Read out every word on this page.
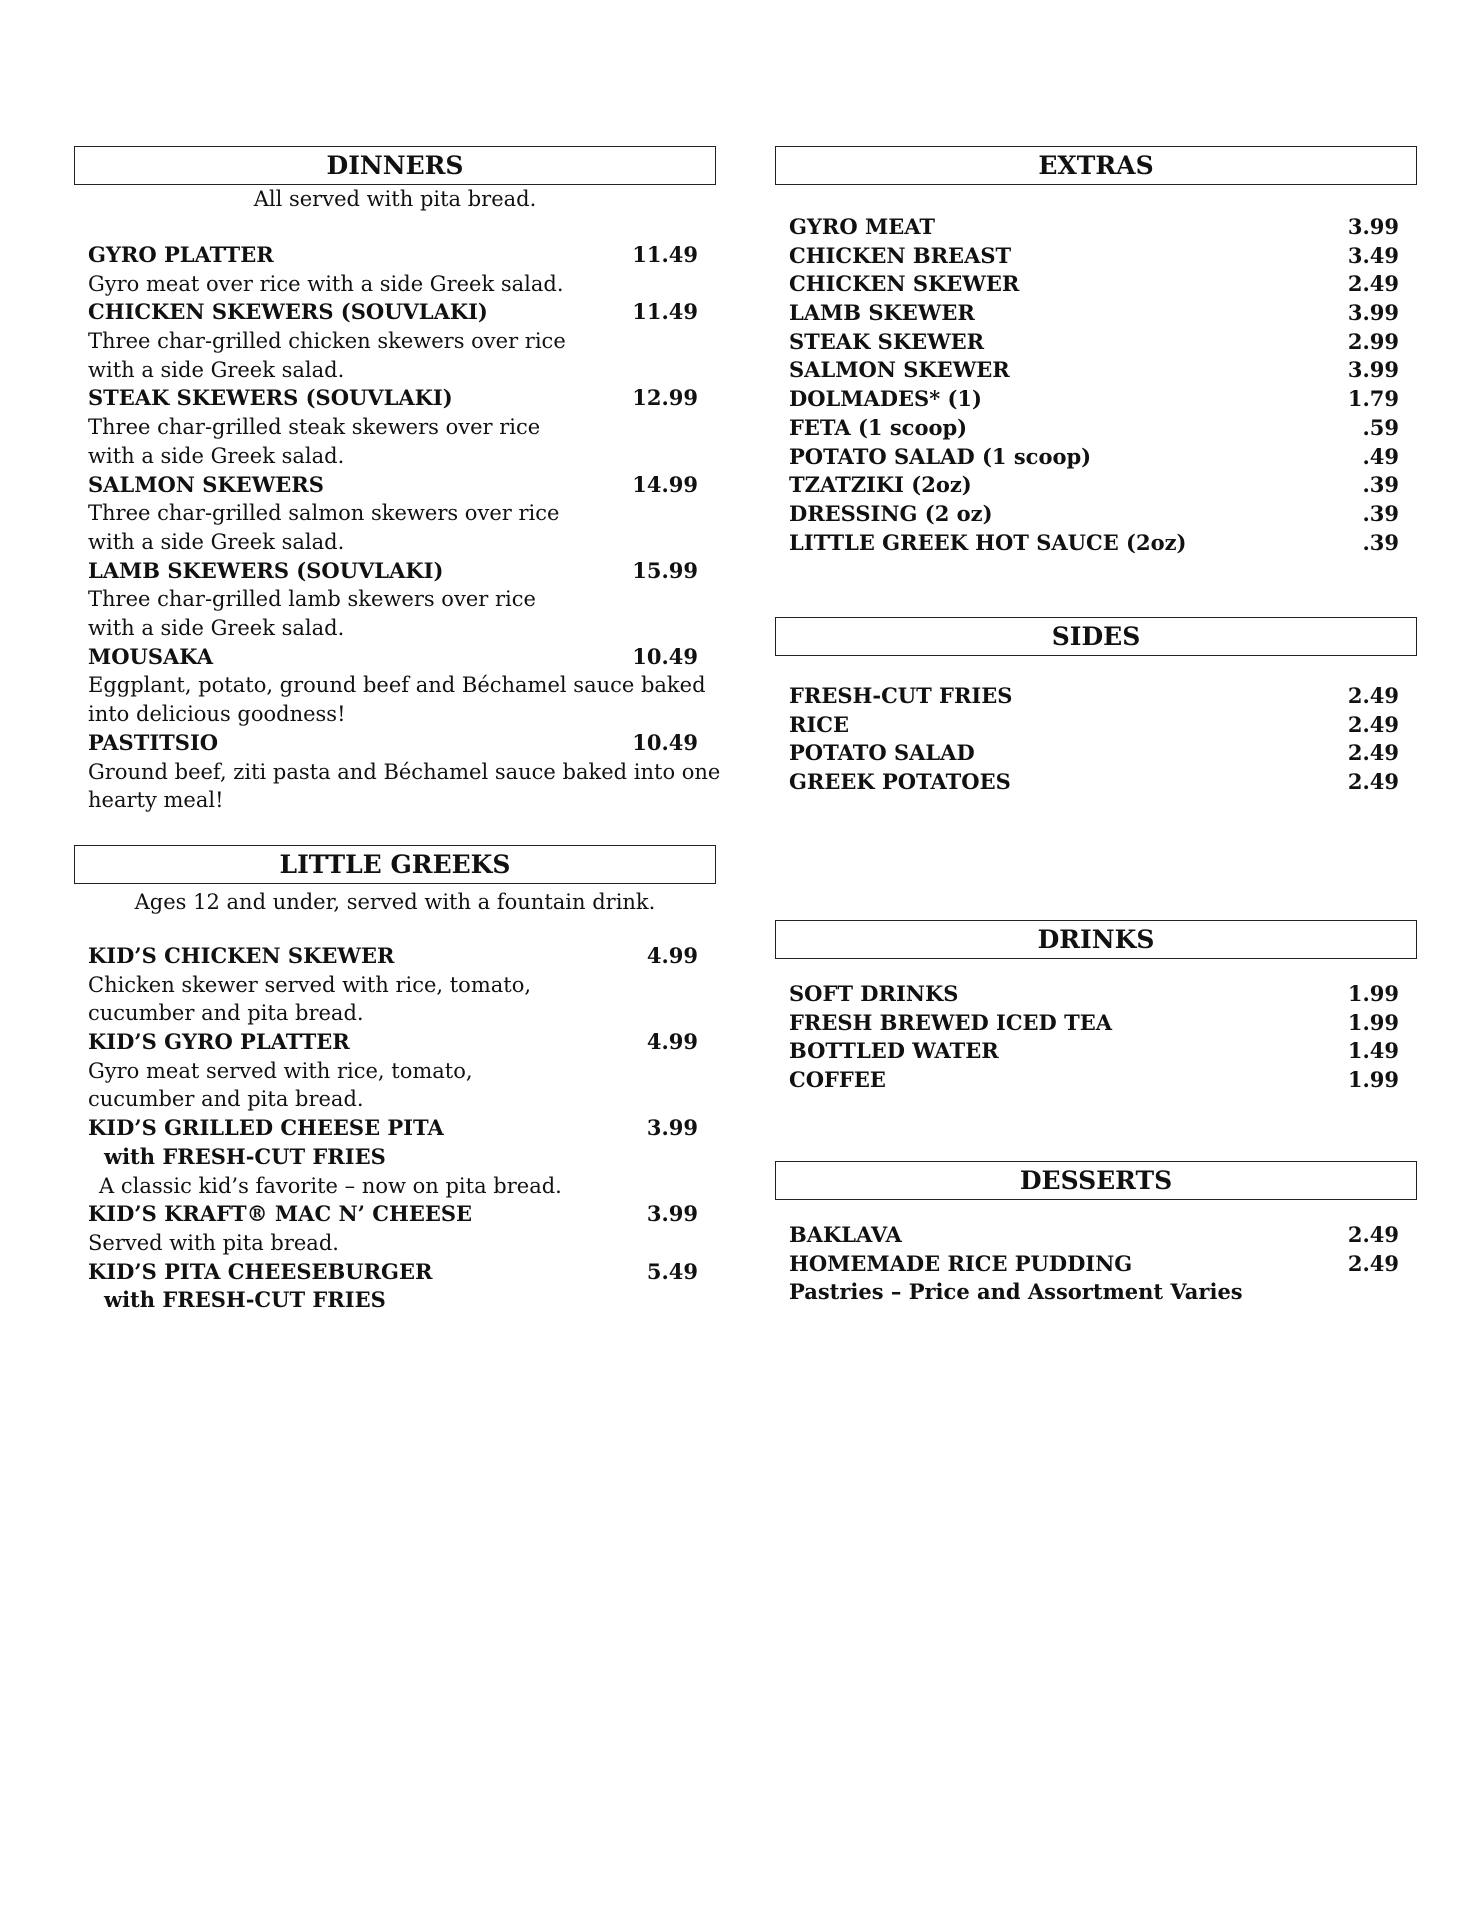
DINNERS
All served with pita bread.
GYRO PLATTER	11.49
Gyro meat over rice with a side Greek salad.
CHICKEN SKEWERS (SOUVLAKI)	11.49
Three char-grilled chicken skewers over rice
with a side Greek salad.
STEAK SKEWERS (SOUVLAKI)	12.99
Three char-grilled steak skewers over rice
with a side Greek salad.
SALMON SKEWERS	14.99
Three char-grilled salmon skewers over rice
with a side Greek salad.
LAMB SKEWERS (SOUVLAKI)	15.99
Three char-grilled lamb skewers over rice
with a side Greek salad.
MOUSAKA	10.49
Eggplant, potato, ground beef and Béchamel sauce baked
into delicious goodness!
PASTITSIO	10.49
Ground beef, ziti pasta and Béchamel sauce baked into one
hearty meal!
LITTLE GREEKS
Ages 12 and under, served with a fountain drink.
KID’S CHICKEN SKEWER	4.99
Chicken skewer served with rice, tomato,
cucumber and pita bread.
KID’S GYRO PLATTER	4.99
Gyro meat served with rice, tomato,
cucumber and pita bread.
KID’S GRILLED CHEESE PITA	3.99
with FRESH-CUT FRIES
A classic kid’s favorite – now on pita bread.
KID’S KRAFT® MAC N’ CHEESE	3.99
Served with pita bread.
KID’S PITA CHEESEBURGER	5.49
with FRESH-CUT FRIES
EXTRAS
GYRO MEAT	3.99
CHICKEN BREAST	3.49
CHICKEN SKEWER	2.49
LAMB SKEWER	3.99
STEAK SKEWER	2.99
SALMON SKEWER	3.99
DOLMADES* (1)	1.79
FETA (1 scoop)	.59
POTATO SALAD (1 scoop)	.49
TZATZIKI (2oz)	.39
DRESSING (2 oz)	.39
LITTLE GREEK HOT SAUCE (2oz)	.39
SIDES
FRESH-CUT FRIES	2.49
RICE	2.49
POTATO SALAD	2.49
GREEK POTATOES	2.49
DRINKS
SOFT DRINKS	1.99
FRESH BREWED ICED TEA	1.99
BOTTLED WATER	1.49
COFFEE	1.99
DESSERTS
BAKLAVA	2.49
HOMEMADE RICE PUDDING	2.49
Pastries – Price and Assortment Varies
